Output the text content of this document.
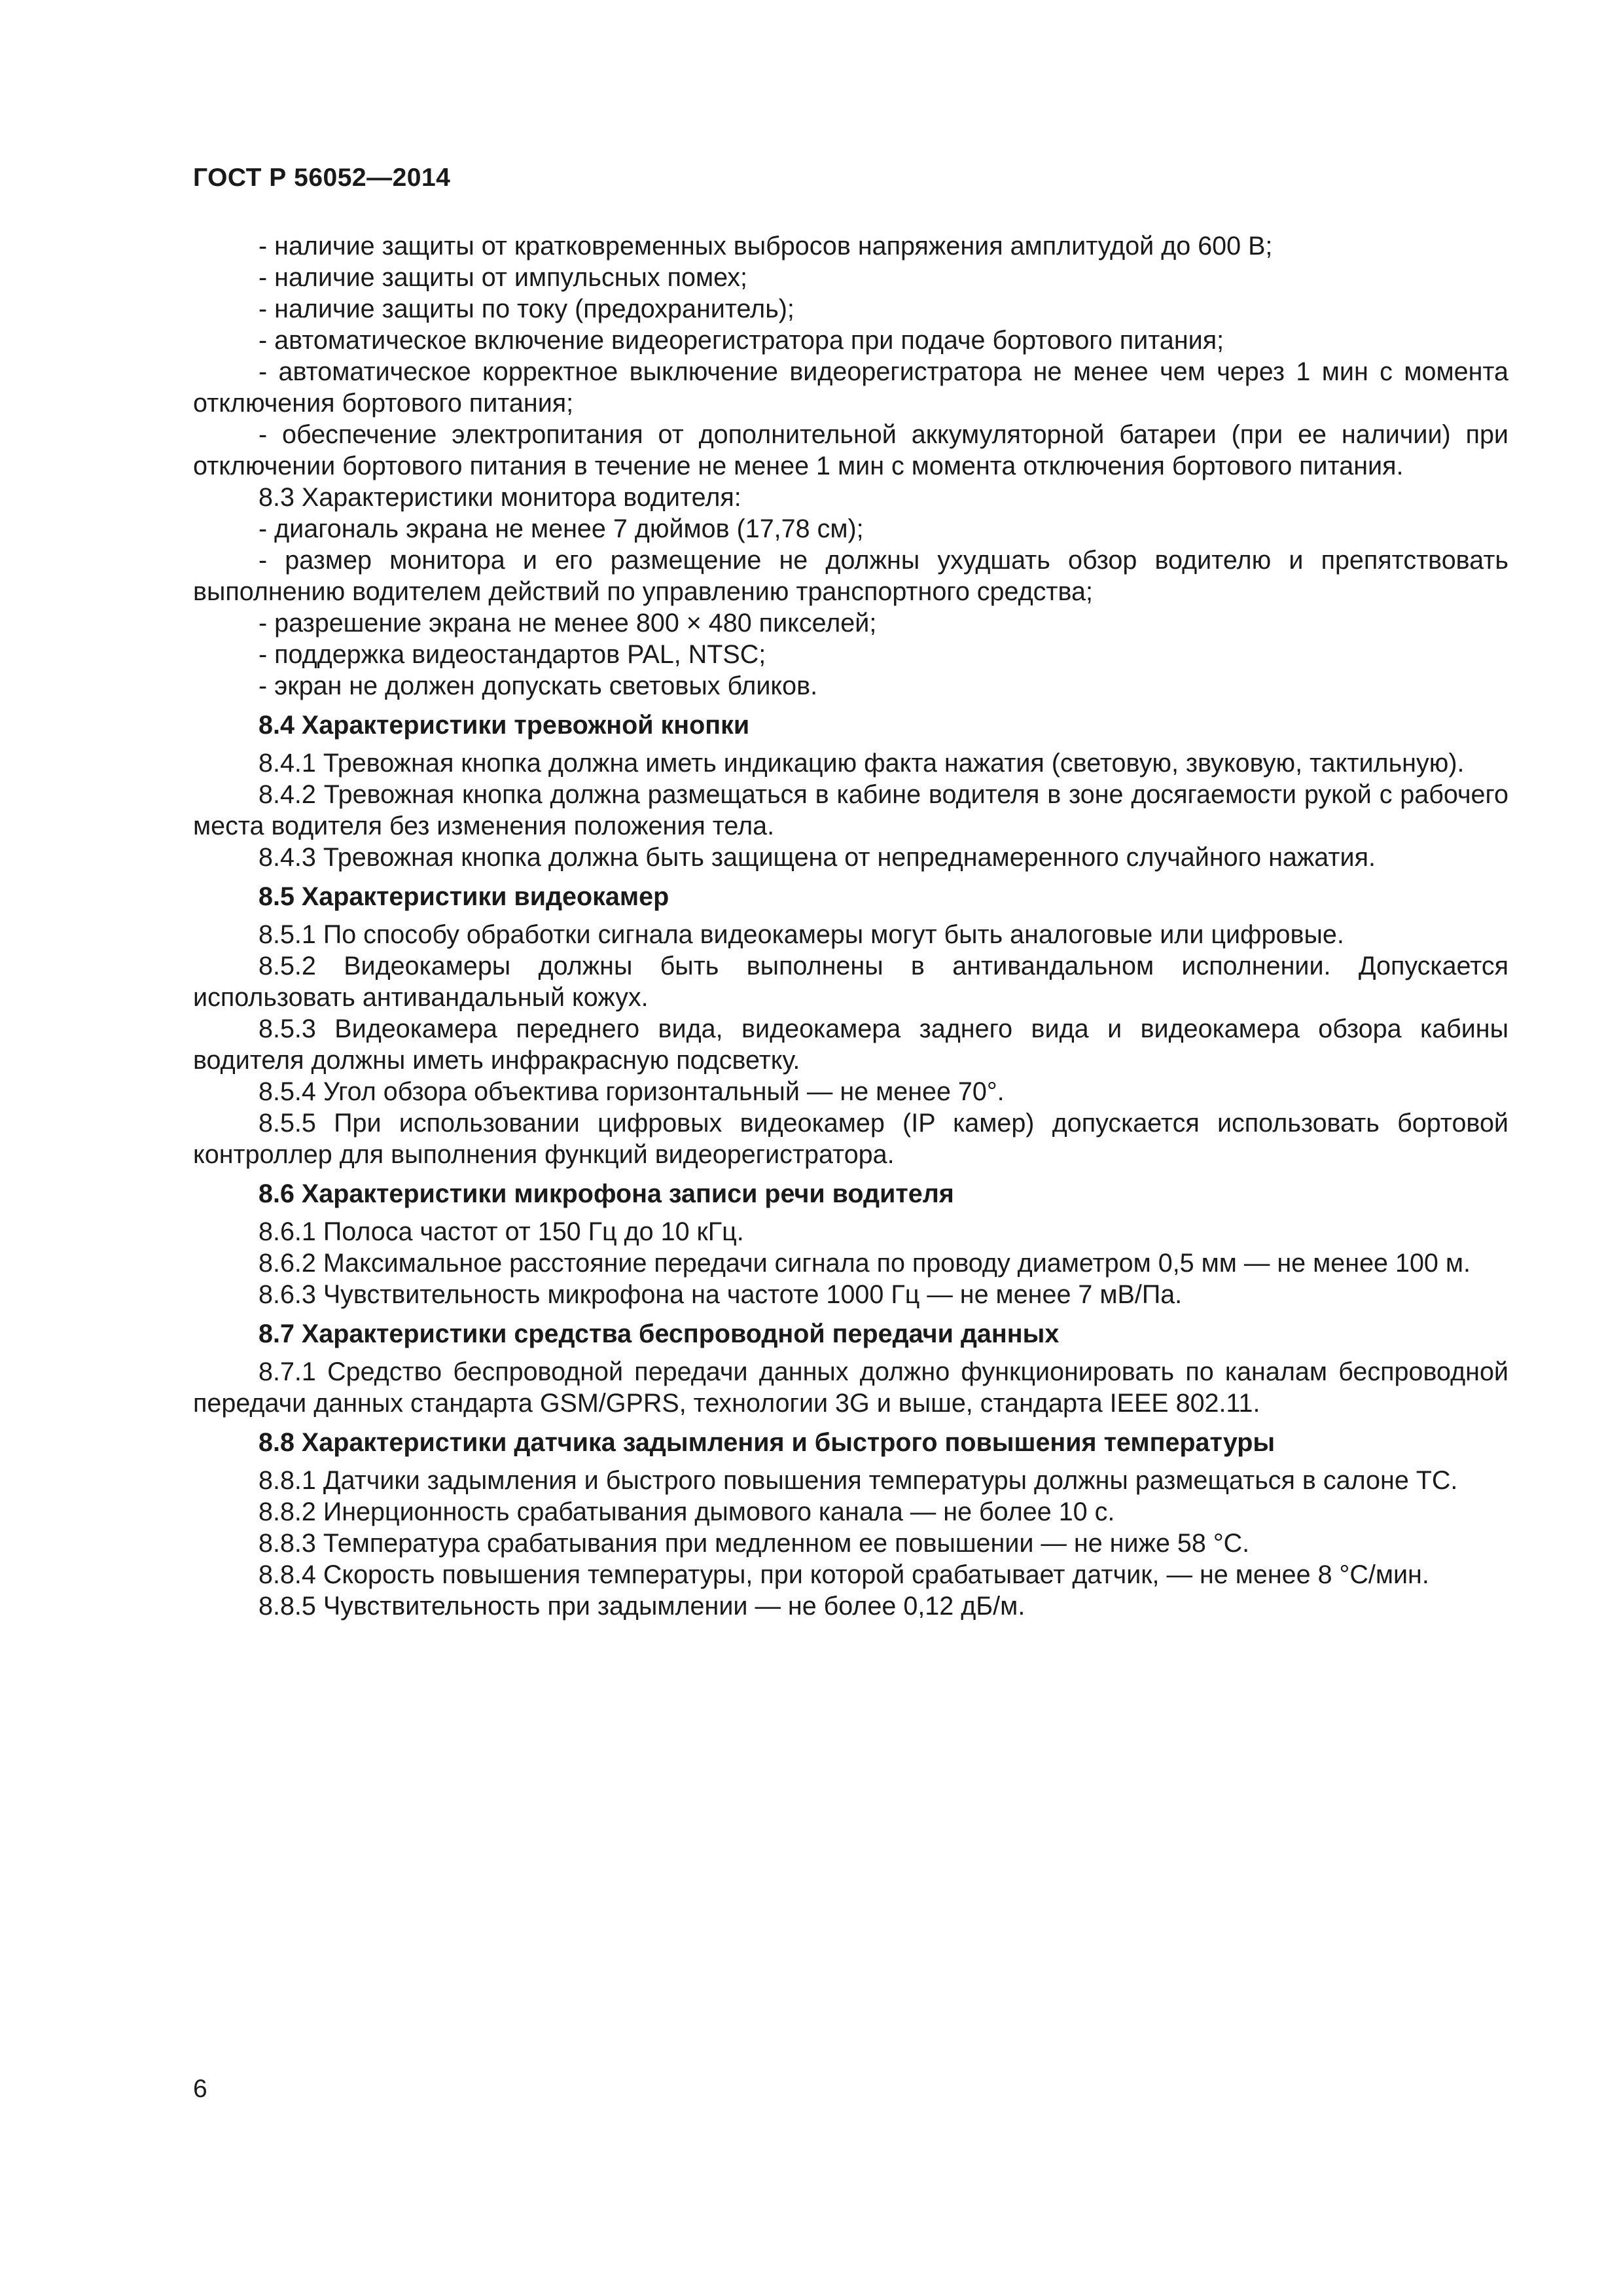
ГОСТ Р 56052—2014

- наличие защиты от кратковременных выбросов напряжения амплитудой до 600 В;

- наличие защиты от импульсных помех;

- наличие защиты по току (предохранитель);

- автоматическое включение видеорегистратора при подаче бортового питания;

- автоматическое корректное выключение видеорегистратора не менее чем через 1 мин с момента отключения бортового питания;

- обеспечение электропитания от дополнительной аккумуляторной батареи (при ее наличии) при отключении бортового питания в течение не менее 1 мин с момента отключения бортового питания.

8.3 Характеристики монитора водителя:

- диагональ экрана не менее 7 дюймов (17,78 см);

- размер монитора и его размещение не должны ухудшать обзор водителю и препятствовать выполнению водителем действий по управлению транспортного средства;

- разрешение экрана не менее 800 × 480 пикселей;

- поддержка видеостандартов PAL, NTSC;

- экран не должен допускать световых бликов.

8.4 Характеристики тревожной кнопки

8.4.1 Тревожная кнопка должна иметь индикацию факта нажатия (световую, звуковую, тактильную).

8.4.2 Тревожная кнопка должна размещаться в кабине водителя в зоне досягаемости рукой с рабочего места водителя без изменения положения тела.

8.4.3 Тревожная кнопка должна быть защищена от непреднамеренного случайного нажатия.

8.5 Характеристики видеокамер

8.5.1 По способу обработки сигнала видеокамеры могут быть аналоговые или цифровые.

8.5.2 Видеокамеры должны быть выполнены в антивандальном исполнении. Допускается использовать антивандальный кожух.

8.5.3 Видеокамера переднего вида, видеокамера заднего вида и видеокамера обзора кабины водителя должны иметь инфракрасную подсветку.

8.5.4 Угол обзора объектива горизонтальный — не менее 70°.

8.5.5 При использовании цифровых видеокамер (IP камер) допускается использовать бортовой контроллер для выполнения функций видеорегистратора.

8.6 Характеристики микрофона записи речи водителя

8.6.1 Полоса частот от 150 Гц до 10 кГц.

8.6.2 Максимальное расстояние передачи сигнала по проводу диаметром 0,5 мм — не менее 100 м.

8.6.3 Чувствительность микрофона на частоте 1000 Гц — не менее 7 мВ/Па.

8.7 Характеристики средства беспроводной передачи данных

8.7.1 Средство беспроводной передачи данных должно функционировать по каналам беспроводной передачи данных стандарта GSM/GPRS, технологии 3G и выше, стандарта IEEE 802.11.

8.8 Характеристики датчика задымления и быстрого повышения температуры

8.8.1 Датчики задымления и быстрого повышения температуры должны размещаться в салоне ТС.

8.8.2 Инерционность срабатывания дымового канала — не более 10 с.

8.8.3 Температура срабатывания при медленном ее повышении — не ниже 58 °С.

8.8.4 Скорость повышения температуры, при которой срабатывает датчик, — не менее 8 °С/мин.

8.8.5 Чувствительность при задымлении — не более 0,12 дБ/м.

6
